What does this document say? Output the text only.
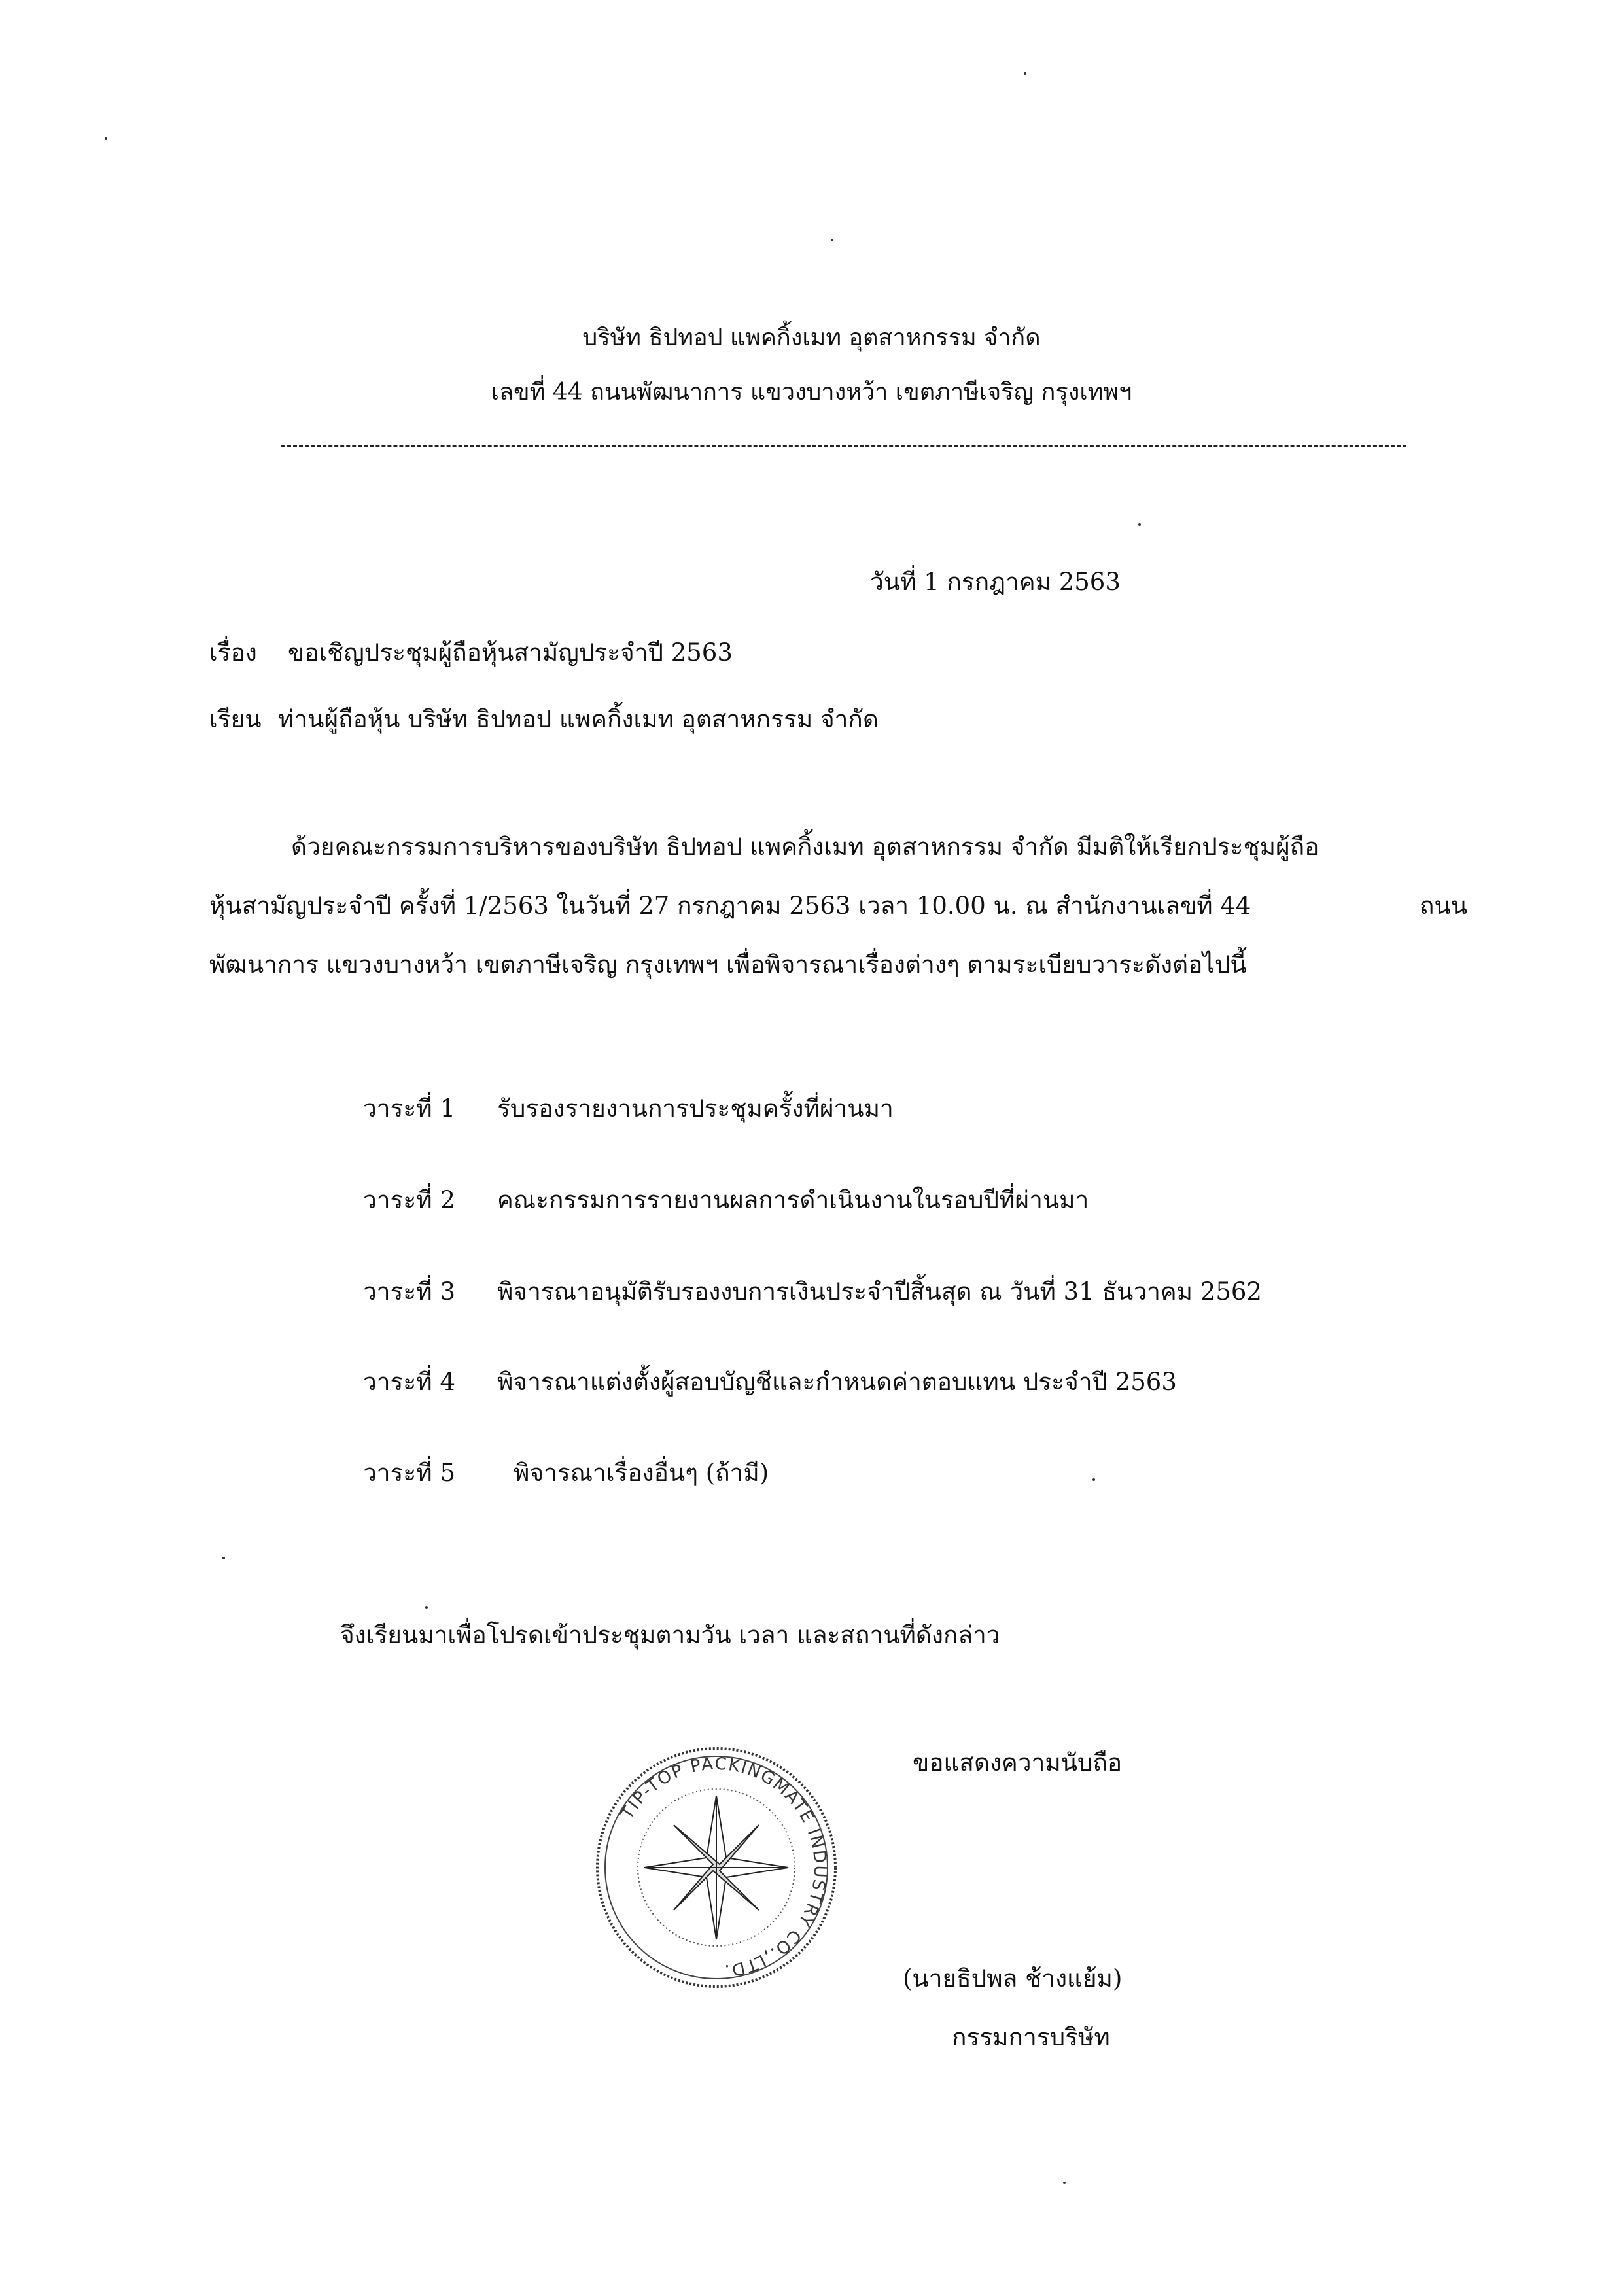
บริษัท ธิปทอป แพคกิ้งเมท อุตสาหกรรม จำกัด
เลขที่ 44 ถนนพัฒนาการ แขวงบางหว้า เขตภาษีเจริญ กรุงเทพฯ
วันที่ 1 กรกฎาคม 2563
เรื่อง ขอเชิญประชุมผู้ถือหุ้นสามัญประจำปี 2563
เรียน ท่านผู้ถือหุ้น บริษัท ธิปทอป แพคกิ้งเมท อุตสาหกรรม จำกัด
ด้วยคณะกรรมการบริหารของบริษัท ธิปทอป แพคกิ้งเมท อุตสาหกรรม จำกัด มีมติให้เรียกประชุมผู้ถือ
หุ้นสามัญประจำปี ครั้งที่ 1/2563 ในวันที่ 27 กรกฎาคม 2563 เวลา 10.00 น. ณ สำนักงานเลขที่ 44	ถนน
พัฒนาการ แขวงบางหว้า เขตภาษีเจริญ กรุงเทพฯ เพื่อพิจารณาเรื่องต่างๆ ตามระเบียบวาระดังต่อไปนี้
วาระที่ 1 รับรองรายงานการประชุมครั้งที่ผ่านมา
วาระที่ 2 คณะกรรมการรายงานผลการดำเนินงานในรอบปีที่ผ่านมา
วาระที่ 3 พิจารณาอนุมัติรับรองงบการเงินประจำปีสิ้นสุด ณ วันที่ 31 ธันวาคม 2562
วาระที่ 4 พิจารณาแต่งตั้งผู้สอบบัญชีและกำหนดค่าตอบแทน ประจำปี 2563
วาระที่ 5 พิจารณาเรื่องอื่นๆ (ถ้ามี)
จึงเรียนมาเพื่อโปรดเข้าประชุมตามวัน เวลา และสถานที่ดังกล่าว
ขอแสดงความนับถือ
TIP-TOP PACKINGMATE INDUSTRY CO.,LTD.	(นายธิปพล ช้างแย้ม)
กรรมการบริษัท
